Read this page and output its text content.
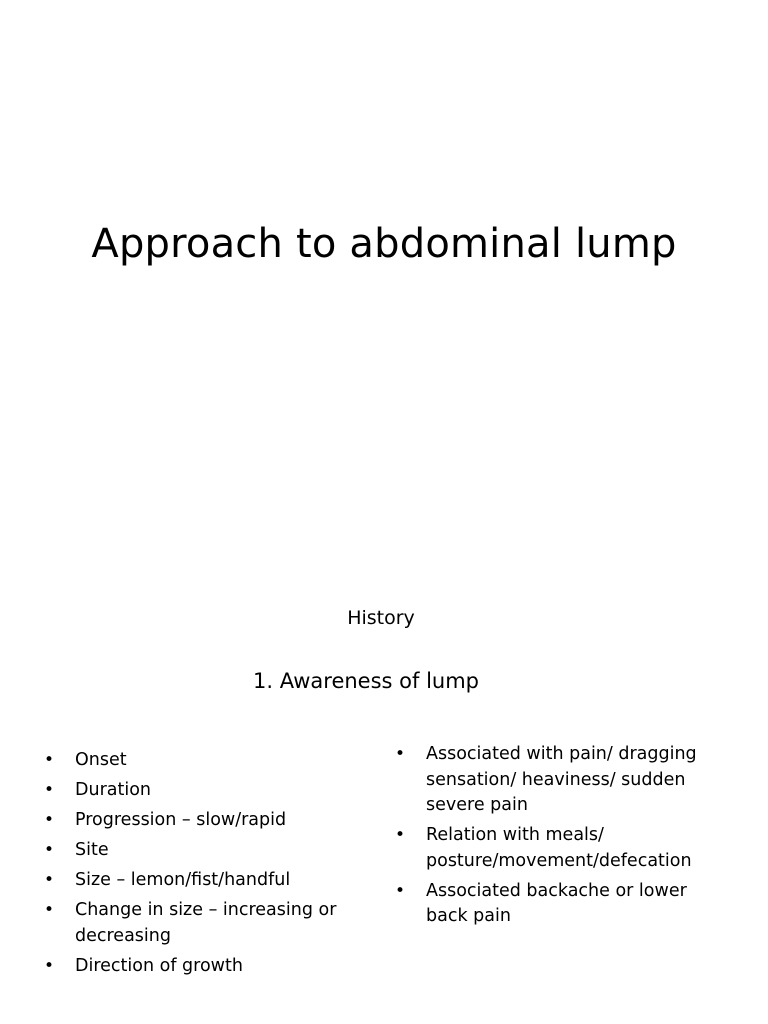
Approach to abdominal lump
History
1. Awareness of lump
• Onset
• Duration
• Progression – slow/rapid
• Site
• Size – lemon/fist/handful
• Change in size – increasing or decreasing
• Direction of growth
• Associated with pain/ dragging sensation/ heaviness/ sudden severe pain
• Relation with meals/ posture/movement/defecation
• Associated backache or lower back pain
